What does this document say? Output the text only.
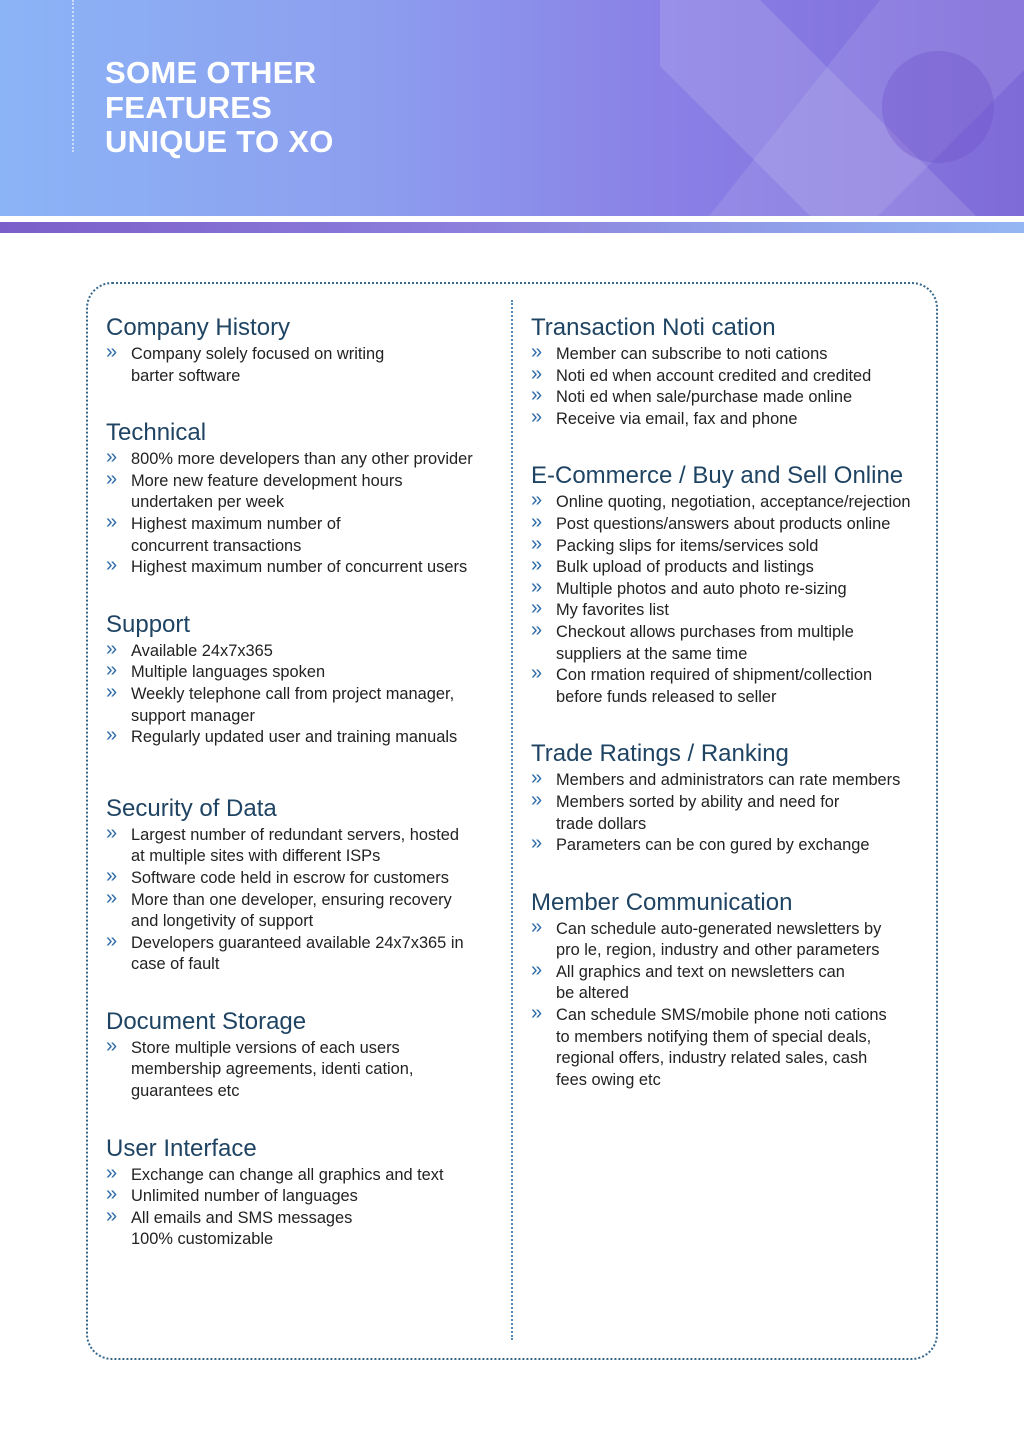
SOME OTHER
FEATURES
UNIQUE TO XO
Company History
» Company solely focused on writing
barter software
Technical
» 800% more developers than any other provider
» More new feature development hours
undertaken per week
» Highest maximum number of
concurrent transactions
» Highest maximum number of concurrent users
Support
» Available 24x7x365
» Multiple languages spoken
» Weekly telephone call from project manager,
support manager
» Regularly updated user and training manuals
Security of Data
» Largest number of redundant servers, hosted
at multiple sites with different ISPs
» Software code held in escrow for customers
» More than one developer, ensuring recovery
and longetivity of support
» Developers guaranteed available 24x7x365 in
case of fault
Document Storage
» Store multiple versions of each users
membership agreements, identi cation,
guarantees etc
User Interface
» Exchange can change all graphics and text
» Unlimited number of languages
» All emails and SMS messages
100% customizable
Transaction Noti cation
» Member can subscribe to noti cations
» Noti ed when account credited and credited
» Noti ed when sale/purchase made online
» Receive via email, fax and phone
E-Commerce / Buy and Sell Online
» Online quoting, negotiation, acceptance/rejection
» Post questions/answers about products online
» Packing slips for items/services sold
» Bulk upload of products and listings
» Multiple photos and auto photo re-sizing
» My favorites list
» Checkout allows purchases from multiple
suppliers at the same time
» Con rmation required of shipment/collection
before funds released to seller
Trade Ratings / Ranking
» Members and administrators can rate members
» Members sorted by ability and need for
trade dollars
» Parameters can be con gured by exchange
Member Communication
» Can schedule auto-generated newsletters by
pro le, region, industry and other parameters
» All graphics and text on newsletters can
be altered
» Can schedule SMS/mobile phone noti cations
to members notifying them of special deals,
regional offers, industry related sales, cash
fees owing etc
